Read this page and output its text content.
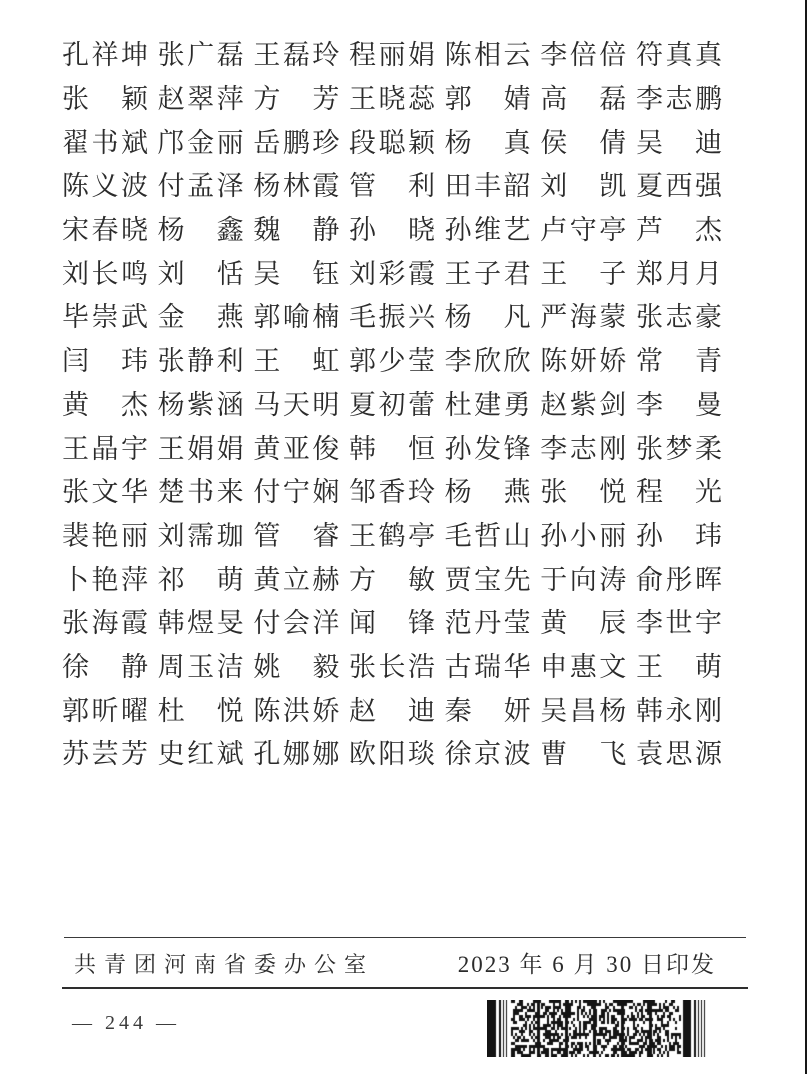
孔 祥 坤 张 广 磊 王 磊 玲 程 丽 娟 陈 相 云 李 倍 倍 符 真 真
张 颖 赵 翠 萍 方 芳 王 晓 蕊 郭 婧 高 磊 李 志 鹏
翟 书 斌 邝 金 丽 岳 鹏 珍 段 聪 颖 杨 真 侯 倩 吴 迪
陈 义 波 付 孟 泽 杨 林 霞 管 利 田 丰 韶 刘 凯 夏 西 强
宋 春 晓 杨 鑫 魏 静 孙 晓 孙 维 艺 卢 守 亭 芦 杰
刘 长 鸣 刘 恬 吴 钰 刘 彩 霞 王 子 君 王 子 郑 月 月
毕 崇 武 金 燕 郭 喻 楠 毛 振 兴 杨 凡 严 海 蒙 张 志 豪
闫 玮 张 静 利 王 虹 郭 少 莹 李 欣 欣 陈 妍 娇 常 青
黄 杰 杨 紫 涵 马 天 明 夏 初 蕾 杜 建 勇 赵 紫 剑 李 曼
王 晶 宇 王 娟 娟 黄 亚 俊 韩 恒 孙 发 锋 李 志 刚 张 梦 柔
张 文 华 楚 书 来 付 宁 娴 邹 香 玲 杨 燕 张 悦 程 光
裴 艳 丽 刘 霈 珈 管 睿 王 鹤 亭 毛 哲 山 孙 小 丽 孙 玮
卜 艳 萍 祁 萌 黄 立 赫 方 敏 贾 宝 先 于 向 涛 俞 彤 晖
张 海 霞 韩 煜 旻 付 会 洋 闻 锋 范 丹 莹 黄 辰 李 世 宇
徐 静 周 玉 洁 姚 毅 张 长 浩 古 瑞 华 申 惠 文 王 萌
郭 昕 曜 杜 悦 陈 洪 娇 赵 迪 秦 妍 吴 昌 杨 韩 永 刚
苏 芸 芳 史 红 斌 孔 娜 娜 欧 阳 琰 徐 京 波 曹 飞 袁 思 源
共青团河南省委办公室	2023 年 6 月 30 日印发
— 244 —
